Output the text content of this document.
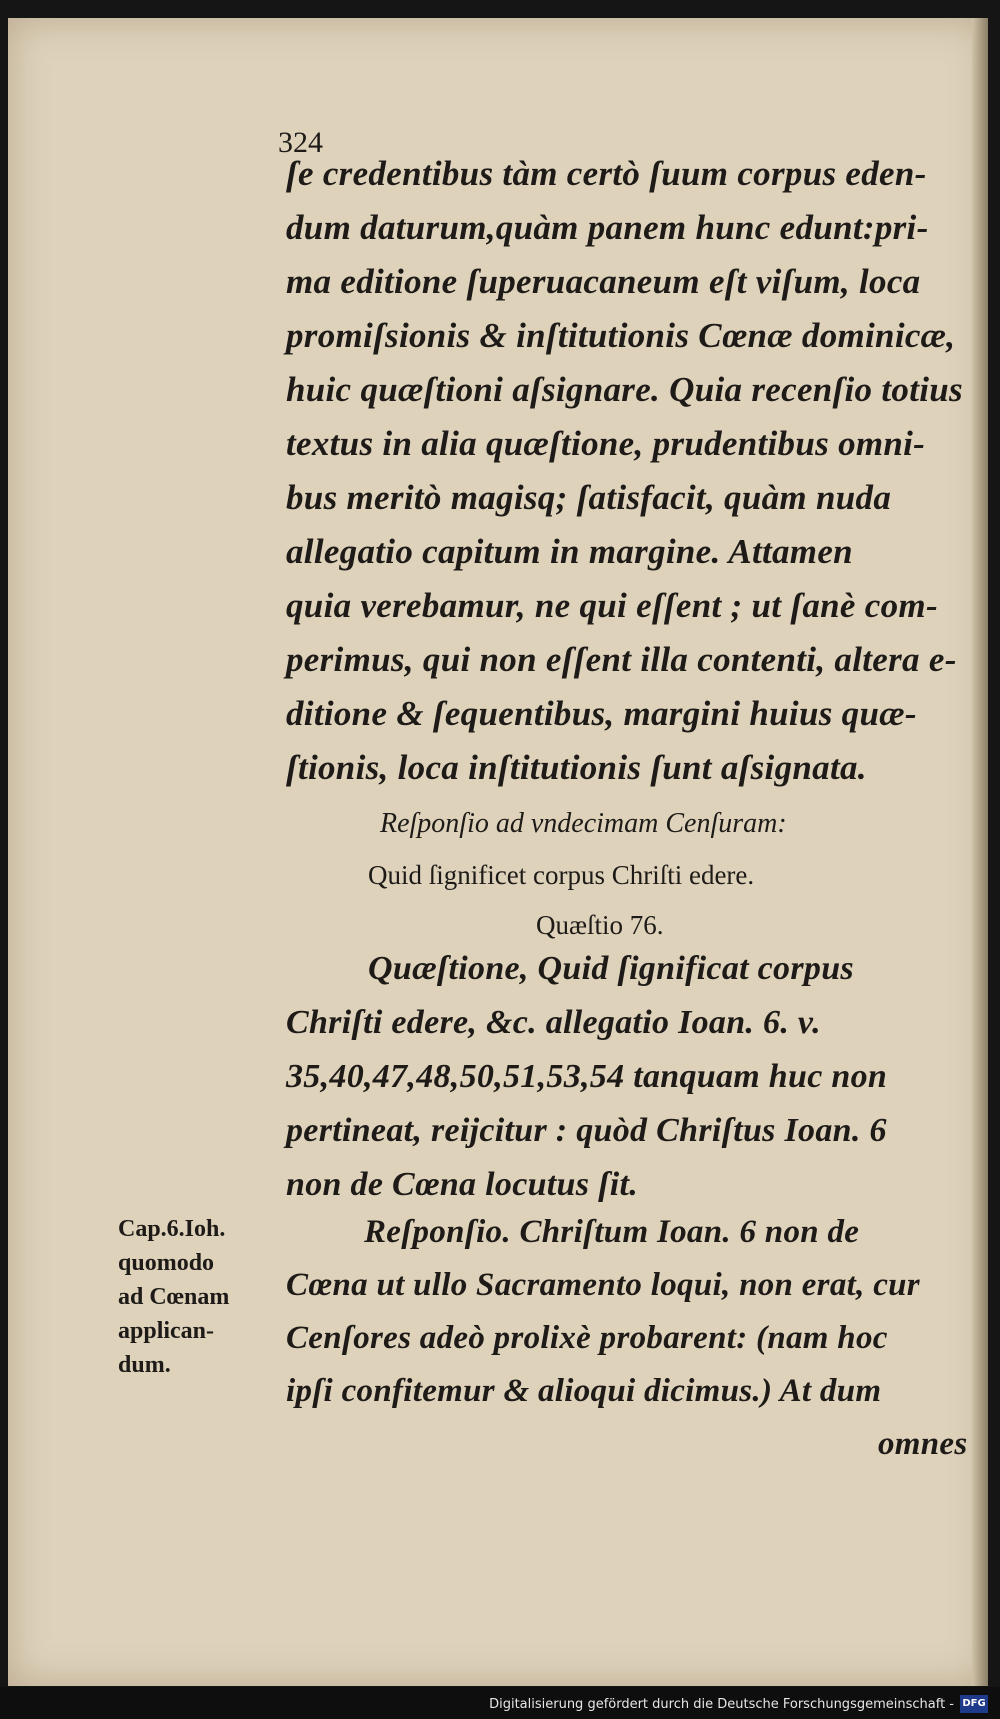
324
ſe credentibus tàm certò ſuum corpus eden-
dum daturum,quàm panem hunc edunt:pri-
ma editione ſuperuacaneum eſt viſum, loca
promiſsionis & inſtitutionis Cœnæ dominicæ,
huic quæſtioni aſsignare. Quia recenſio totius
textus in alia quæſtione, prudentibus omni-
bus meritò magisq; ſatisfacit, quàm nuda
allegatio capitum in margine. Attamen
quia verebamur, ne qui eſſent ; ut ſanè com-
perimus, qui non eſſent illa contenti, altera e-
ditione & ſequentibus, margini huius quæ-
ſtionis, loca inſtitutionis ſunt aſsignata.
Reſponſio ad vndecimam Cenſuram:
Quid ſignificet corpus Chriſti edere.
Quæſtio 76.
Quæſtione, Quid ſignificat corpus
Chriſti edere, &c. allegatio Ioan. 6. v.
35,40,47,48,50,51,53,54 tanquam huc non
pertineat, reijcitur : quòd Chriſtus Ioan. 6
non de Cœna locutus ſit.
Reſponſio. Chriſtum Ioan. 6 non de
Cœna ut ullo Sacramento loqui, non erat, cur
Cenſores adeò prolixè probarent: (nam hoc
ipſi confitemur & alioqui dicimus.) At dum
omnes
Cap.6.Ioh.
quomodo
ad Cœnam
applican-
dum.
Digitalisierung gefördert durch die Deutsche Forschungsgemeinschaft - DFG
